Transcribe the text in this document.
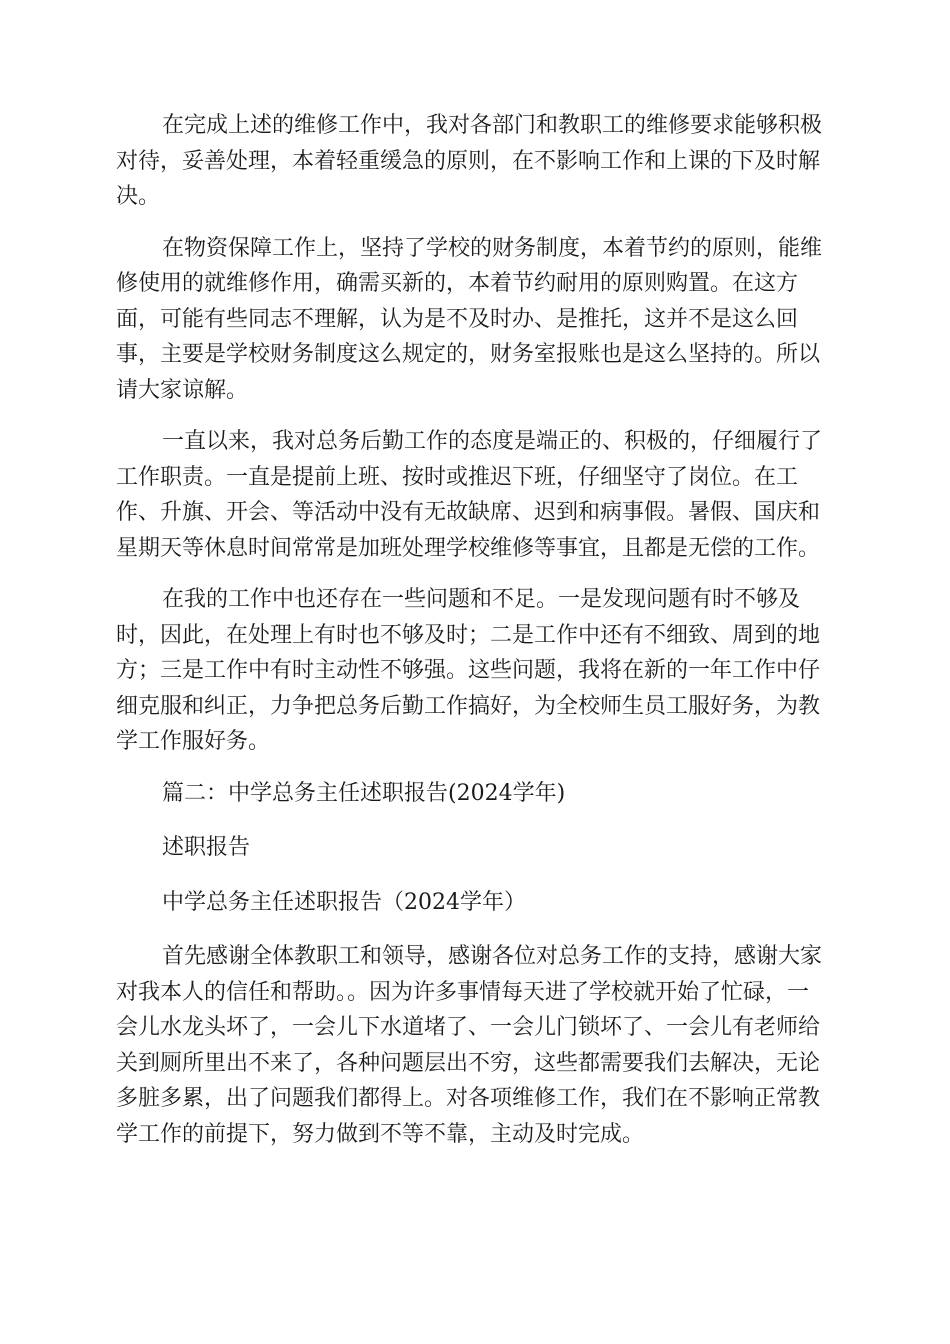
在完成上述的维修工作中，我对各部门和教职工的维修要求能够积极
对待，妥善处理，本着轻重缓急的原则，在不影响工作和上课的下及时解
决。
在物资保障工作上，坚持了学校的财务制度，本着节约的原则，能维
修使用的就维修作用，确需买新的，本着节约耐用的原则购置。在这方
面，可能有些同志不理解，认为是不及时办、是推托，这并不是这么回
事，主要是学校财务制度这么规定的，财务室报账也是这么坚持的。所以
请大家谅解。
一直以来，我对总务后勤工作的态度是端正的、积极的，仔细履行了
工作职责。一直是提前上班、按时或推迟下班，仔细坚守了岗位。在工
作、升旗、开会、等活动中没有无故缺席、迟到和病事假。暑假、国庆和
星期天等休息时间常常是加班处理学校维修等事宜，且都是无偿的工作。
在我的工作中也还存在一些问题和不足。一是发现问题有时不够及
时，因此，在处理上有时也不够及时；二是工作中还有不细致、周到的地
方；三是工作中有时主动性不够强。这些问题，我将在新的一年工作中仔
细克服和纠正，力争把总务后勤工作搞好，为全校师生员工服好务，为教
学工作服好务。
篇二：中学总务主任述职报告(2024学年)
述职报告
中学总务主任述职报告（2024学年）
首先感谢全体教职工和领导，感谢各位对总务工作的支持，感谢大家
对我本人的信任和帮助。。因为许多事情每天进了学校就开始了忙碌，一
会儿水龙头坏了，一会儿下水道堵了、一会儿门锁坏了、一会儿有老师给
关到厕所里出不来了，各种问题层出不穷，这些都需要我们去解决，无论
多脏多累，出了问题我们都得上。对各项维修工作，我们在不影响正常教
学工作的前提下，努力做到不等不靠，主动及时完成。
